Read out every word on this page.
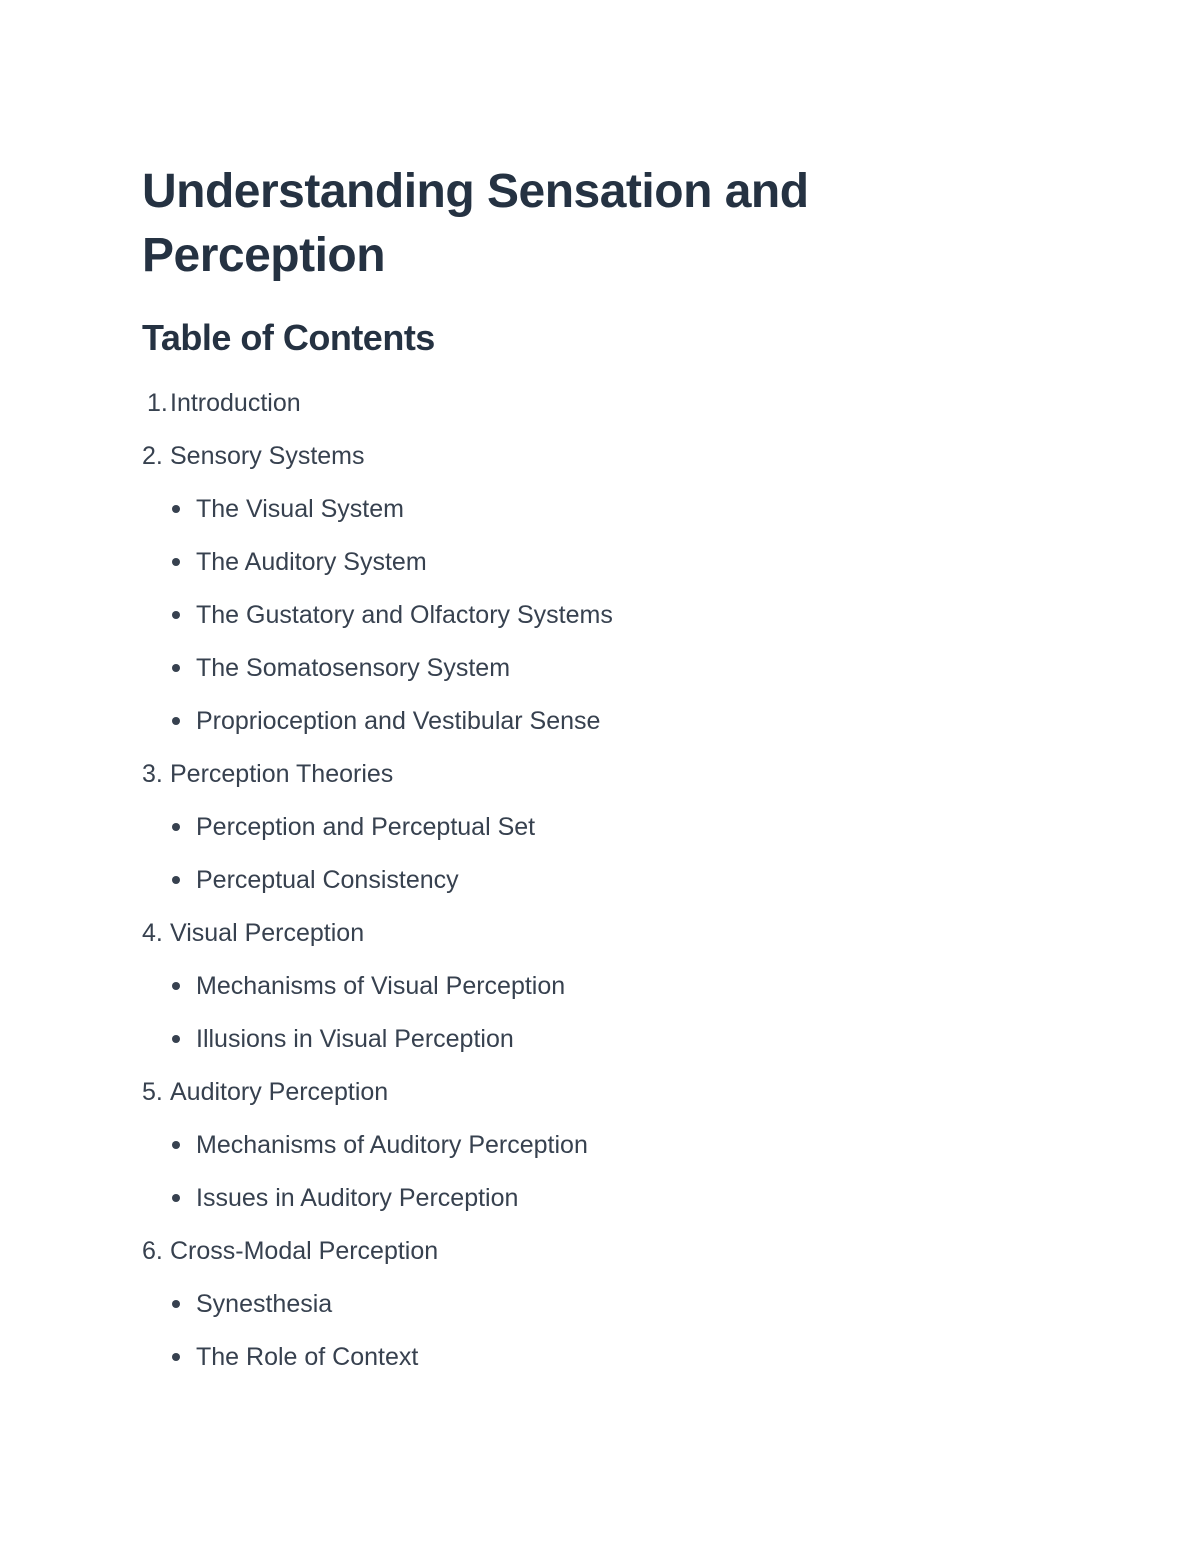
Understanding Sensation and Perception
Table of Contents
1.Introduction
2. Sensory Systems
The Visual System
The Auditory System
The Gustatory and Olfactory Systems
The Somatosensory System
Proprioception and Vestibular Sense
3. Perception Theories
Perception and Perceptual Set
Perceptual Consistency
4. Visual Perception
Mechanisms of Visual Perception
Illusions in Visual Perception
5. Auditory Perception
Mechanisms of Auditory Perception
Issues in Auditory Perception
6. Cross-Modal Perception
Synesthesia
The Role of Context
